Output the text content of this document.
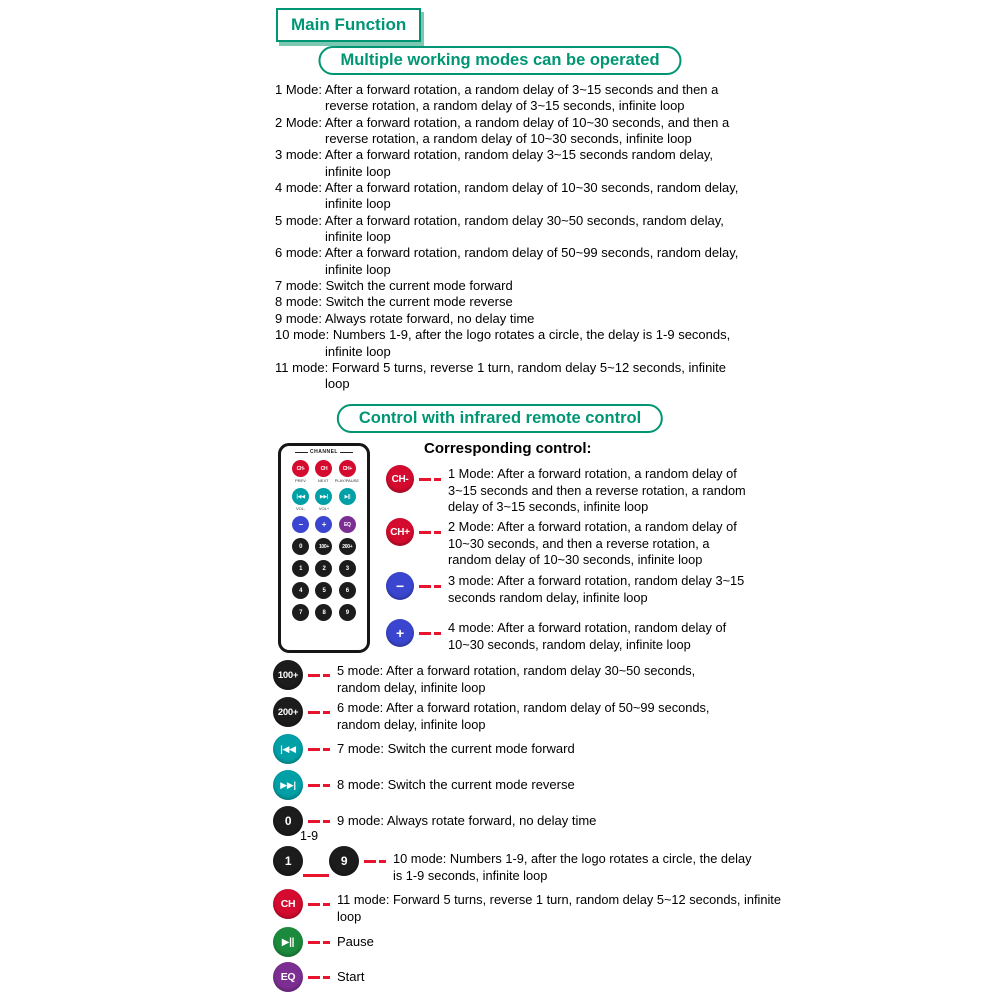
Main Function
Multiple working modes can be operated
1 Mode: After a forward rotation, a random delay of 3~15 seconds and then a reverse rotation, a random delay of 3~15 seconds, infinite loop
2 Mode: After a forward rotation, a random delay of 10~30 seconds, and then a reverse rotation, a random delay of 10~30 seconds, infinite loop
3 mode: After a forward rotation, random delay 3~15 seconds random delay, infinite loop
4 mode: After a forward rotation, random delay of 10~30 seconds, random delay, infinite loop
5 mode: After a forward rotation, random delay 30~50 seconds, random delay, infinite loop
6 mode: After a forward rotation, random delay of 50~99 seconds, random delay, infinite loop
7 mode: Switch the current mode forward
8 mode: Switch the current mode reverse
9 mode: Always rotate forward, no delay time
10 mode: Numbers 1-9, after the logo rotates a circle, the delay is 1-9 seconds, infinite loop
11 mode: Forward 5 turns, reverse 1 turn, random delay 5~12 seconds, infinite loop
Control with infrared remote control
Corresponding control:
CHANNEL
CH-	CH	CH+
PREV	NEXT	PLAY/PAUSE
|◀◀	▶▶|	▶||
VOL-	VOL+
−	+	EQ
0	100+	200+
1	2	3
4	5	6
7	8	9
CH-	1 Mode: After a forward rotation, a random delay of 3~15 seconds and then a reverse rotation, a random delay of 3~15 seconds, infinite loop
CH+	2 Mode: After a forward rotation, a random delay of 10~30 seconds, and then a reverse rotation, a random delay of 10~30 seconds, infinite loop
−	3 mode: After a forward rotation, random delay 3~15 seconds random delay, infinite loop
+	4 mode: After a forward rotation, random delay of 10~30 seconds, random delay, infinite loop
100+	5 mode: After a forward rotation, random delay 30~50 seconds, random delay, infinite loop
200+	6 mode: After a forward rotation, random delay of 50~99 seconds, random delay, infinite loop
|◀◀	7 mode: Switch the current mode forward
▶▶|	8 mode: Switch the current mode reverse
0	9 mode: Always rotate forward, no delay time
1-9
1	9	10 mode: Numbers 1-9, after the logo rotates a circle, the delay is 1-9 seconds, infinite loop
CH	11 mode: Forward 5 turns, reverse 1 turn, random delay 5~12 seconds, infinite loop
▶||	Pause
EQ	Start
